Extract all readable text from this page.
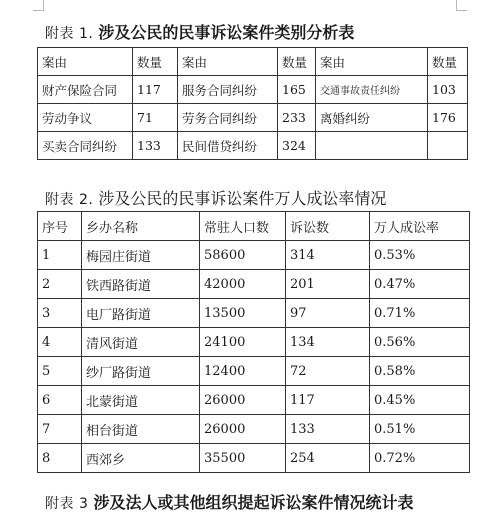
附表 1. 涉及公民的民事诉讼案件类别分析表
案由	数量	案由	数量	案由	数量
财产保险合同	117	服务合同纠纷	165	交通事故责任纠纷	103
劳动争议	71	劳务合同纠纷	233	离婚纠纷	176
买卖合同纠纷	133	民间借贷纠纷	324		
附表 2. 涉及公民的民事诉讼案件万人成讼率情况
序号	乡办名称	常驻人口数	诉讼数	万人成讼率
1	梅园庄街道	58600	314	0.53%
2	铁西路街道	42000	201	0.47%
3	电厂路街道	13500	97	0.71%
4	清风街道	24100	134	0.56%
5	纱厂路街道	12400	72	0.58%
6	北蒙街道	26000	117	0.45%
7	相台街道	26000	133	0.51%
8	西郊乡	35500	254	0.72%
附表 3 涉及法人或其他组织提起诉讼案件情况统计表
